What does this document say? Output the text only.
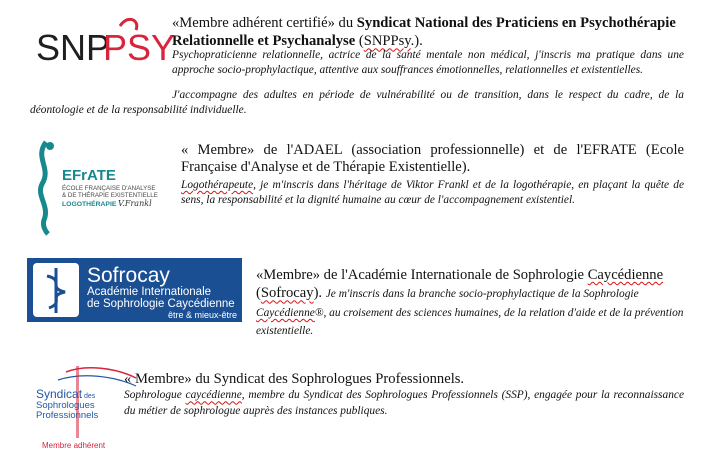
SNP
PSY
«Membre adhérent certifié» du Syndicat National des Praticiens en Psychothérapie Relationnelle et Psychanalyse (SNPPsy.).
Psychopraticienne relationnelle, actrice de la santé mentale non médical, j'inscris ma pratique dans une approche socio-prophylactique, attentive aux souffrances émotionnelles, relationnelles et existentielles.
J'accompagne des adultes en période de vulnérabilité ou de transition, dans le respect du cadre, de la déontologie et de la responsabilité individuelle.
EFrATE
ÉCOLE FRANÇAISE D'ANALYSE
& DE THÉRAPIE EXISTENTIELLE
LOGOTHÉRAPIE V.Frankl
« Membre» de l'ADAEL (association professionnelle) et de l'EFRATE (Ecole Française d'Analyse et de Thérapie Existentielle).
Logothérapeute, je m'inscris dans l'héritage de Viktor Frankl et de la logothérapie, en plaçant la quête de sens, la responsabilité et la dignité humaine au cœur de l'accompagnement existentiel.
Sofrocay
Académie Internationale
de Sophrologie Caycédienne
être & mieux-être
«Membre» de l'Académie Internationale de Sophrologie Caycédienne (Sofrocay). Je m'inscris dans la branche socio-prophylactique de la Sophrologie Caycédienne®, au croisement des sciences humaines, de la relation d'aide et de la prévention existentielle.
Syndicat des
Sophrologues
Professionnels
Membre adhérent
« Membre» du Syndicat des Sophrologues Professionnels.
Sophrologue caycédienne, membre du Syndicat des Sophrologues Professionnels (SSP), engagée pour la reconnaissance du métier de sophrologue auprès des instances publiques.
